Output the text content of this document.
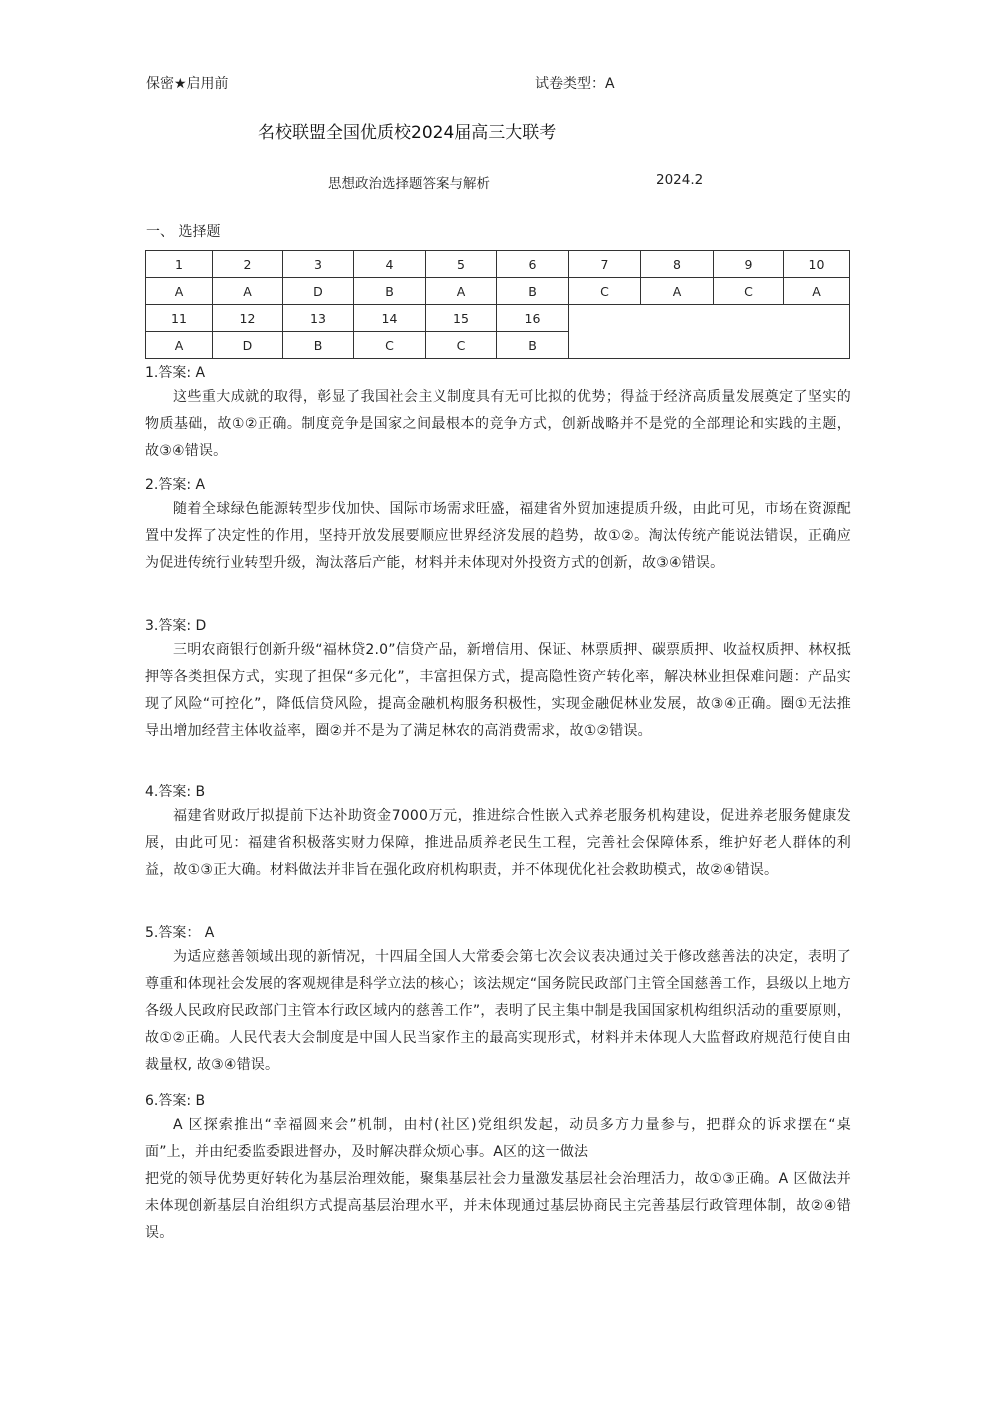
保密★启用前	试卷类型：A
名校联盟全国优质校2024届高三大联考
思想政治选择题答案与解析	2024.2
一、 选择题
1	2	3	4	5	6	7	8	9	10
A	A	D	B	A	B	C	A	C	A
11	12	13	14	15	16				
A	D	B	C	C	B				
1.答案: A
这些重大成就的取得，彰显了我国社会主义制度具有无可比拟的优势；得益于经济高质量发展奠定了坚实的物质基础，故①②正确。制度竞争是国家之间最根本的竞争方式，创新战略并不是党的全部理论和实践的主题，故③④错误。
2.答案: A
随着全球绿色能源转型步伐加快、国际市场需求旺盛，福建省外贸加速提质升级，由此可见，市场在资源配置中发挥了决定性的作用，坚持开放发展要顺应世界经济发展的趋势，故①②。淘汰传统产能说法错误，正确应为促进传统行业转型升级，淘汰落后产能，材料并未体现对外投资方式的创新，故③④错误。
3.答案: D
三明农商银行创新升级“福林贷2.0”信贷产品，新增信用、保证、林票质押、碳票质押、收益权质押、林权抵押等各类担保方式，实现了担保“多元化”，丰富担保方式，提高隐性资产转化率，解决林业担保难问题：产品实现了风险“可控化”，降低信贷风险，提高金融机构服务积极性，实现金融促林业发展，故③④正确。圈①无法推导出增加经营主体收益率，圈②并不是为了满足林农的高消费需求，故①②错误。
4.答案: B
福建省财政厅拟提前下达补助资金7000万元，推进综合性嵌入式养老服务机构建设，促进养老服务健康发展，由此可见：福建省积极落实财力保障，推进品质养老民生工程，完善社会保障体系，维护好老人群体的利益，故①③正大确。材料做法并非旨在强化政府机构职责，并不体现优化社会救助模式，故②④错误。
5.答案： A
为适应慈善领域出现的新情况，十四届全国人大常委会第七次会议表决通过关于修改慈善法的决定，表明了尊重和体现社会发展的客观规律是科学立法的核心；该法规定“国务院民政部门主管全国慈善工作，县级以上地方各级人民政府民政部门主管本行政区域内的慈善工作”，表明了民主集中制是我国国家机构组织活动的重要原则，故①②正确。人民代表大会制度是中国人民当家作主的最高实现形式，材料并未体现人大监督政府规范行使自由裁量权, 故③④错误。
6.答案: B
A 区探索推出“幸福圆来会”机制，由村(社区)党组织发起，动员多方力量参与，把群众的诉求摆在“桌面”上，并由纪委监委跟进督办，及时解决群众烦心事。A区的这一做法
把党的领导优势更好转化为基层治理效能，聚集基层社会力量激发基层社会治理活力，故①③正确。A 区做法并未体现创新基层自治组织方式提高基层治理水平，并未体现通过基层协商民主完善基层行政管理体制，故②④错误。
